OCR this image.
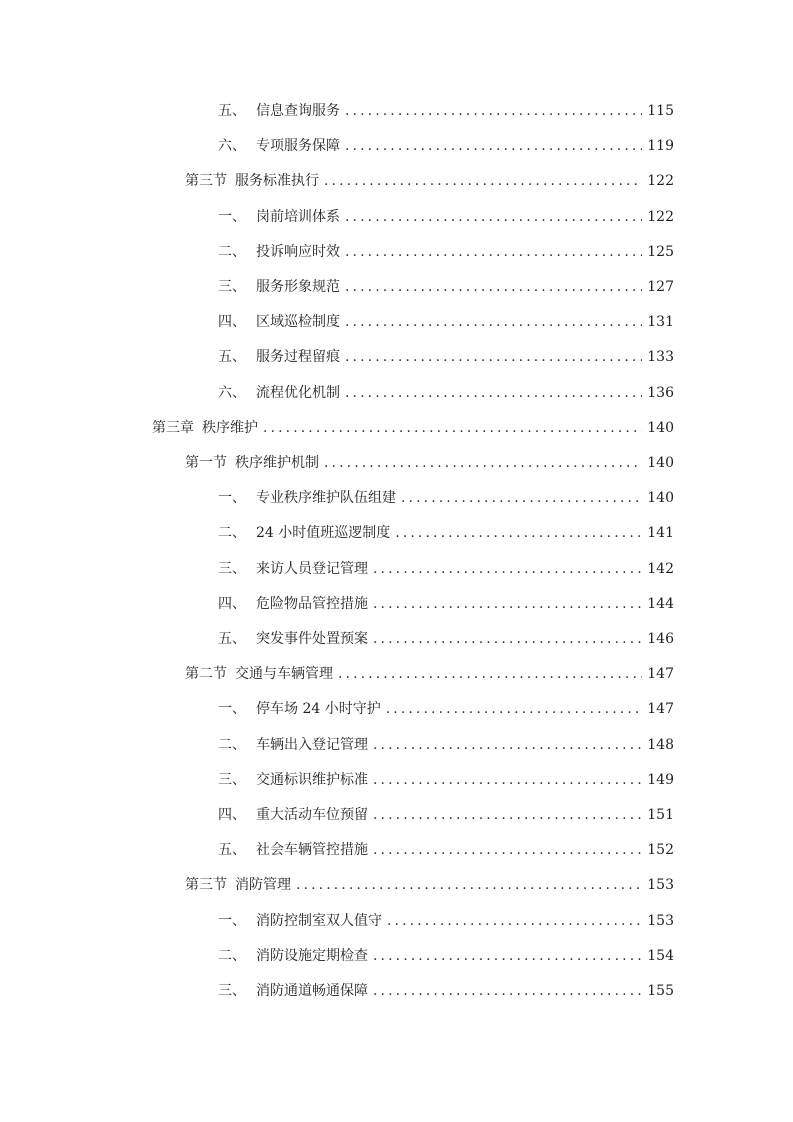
五、 信息查询服务 .....	115
六、 专项服务保障 .....	119
第三节 服务标准执行 .....	122
一、 岗前培训体系 .....	122
二、 投诉响应时效 .....	125
三、 服务形象规范 .....	127
四、 区域巡检制度 .....	131
五、 服务过程留痕 .....	133
六、 流程优化机制 .....	136
第三章 秩序维护 .....	140
第一节 秩序维护机制 .....	140
一、 专业秩序维护队伍组建 .....	140
二、 24 小时值班巡逻制度 .....	141
三、 来访人员登记管理 .....	142
四、 危险物品管控措施 .....	144
五、 突发事件处置预案 .....	146
第二节 交通与车辆管理 .....	147
一、 停车场 24 小时守护 .....	147
二、 车辆出入登记管理 .....	148
三、 交通标识维护标准 .....	149
四、 重大活动车位预留 .....	151
五、 社会车辆管控措施 .....	152
第三节 消防管理 .....	153
一、 消防控制室双人值守 .....	153
二、 消防设施定期检查 .....	154
三、 消防通道畅通保障 .....	155
